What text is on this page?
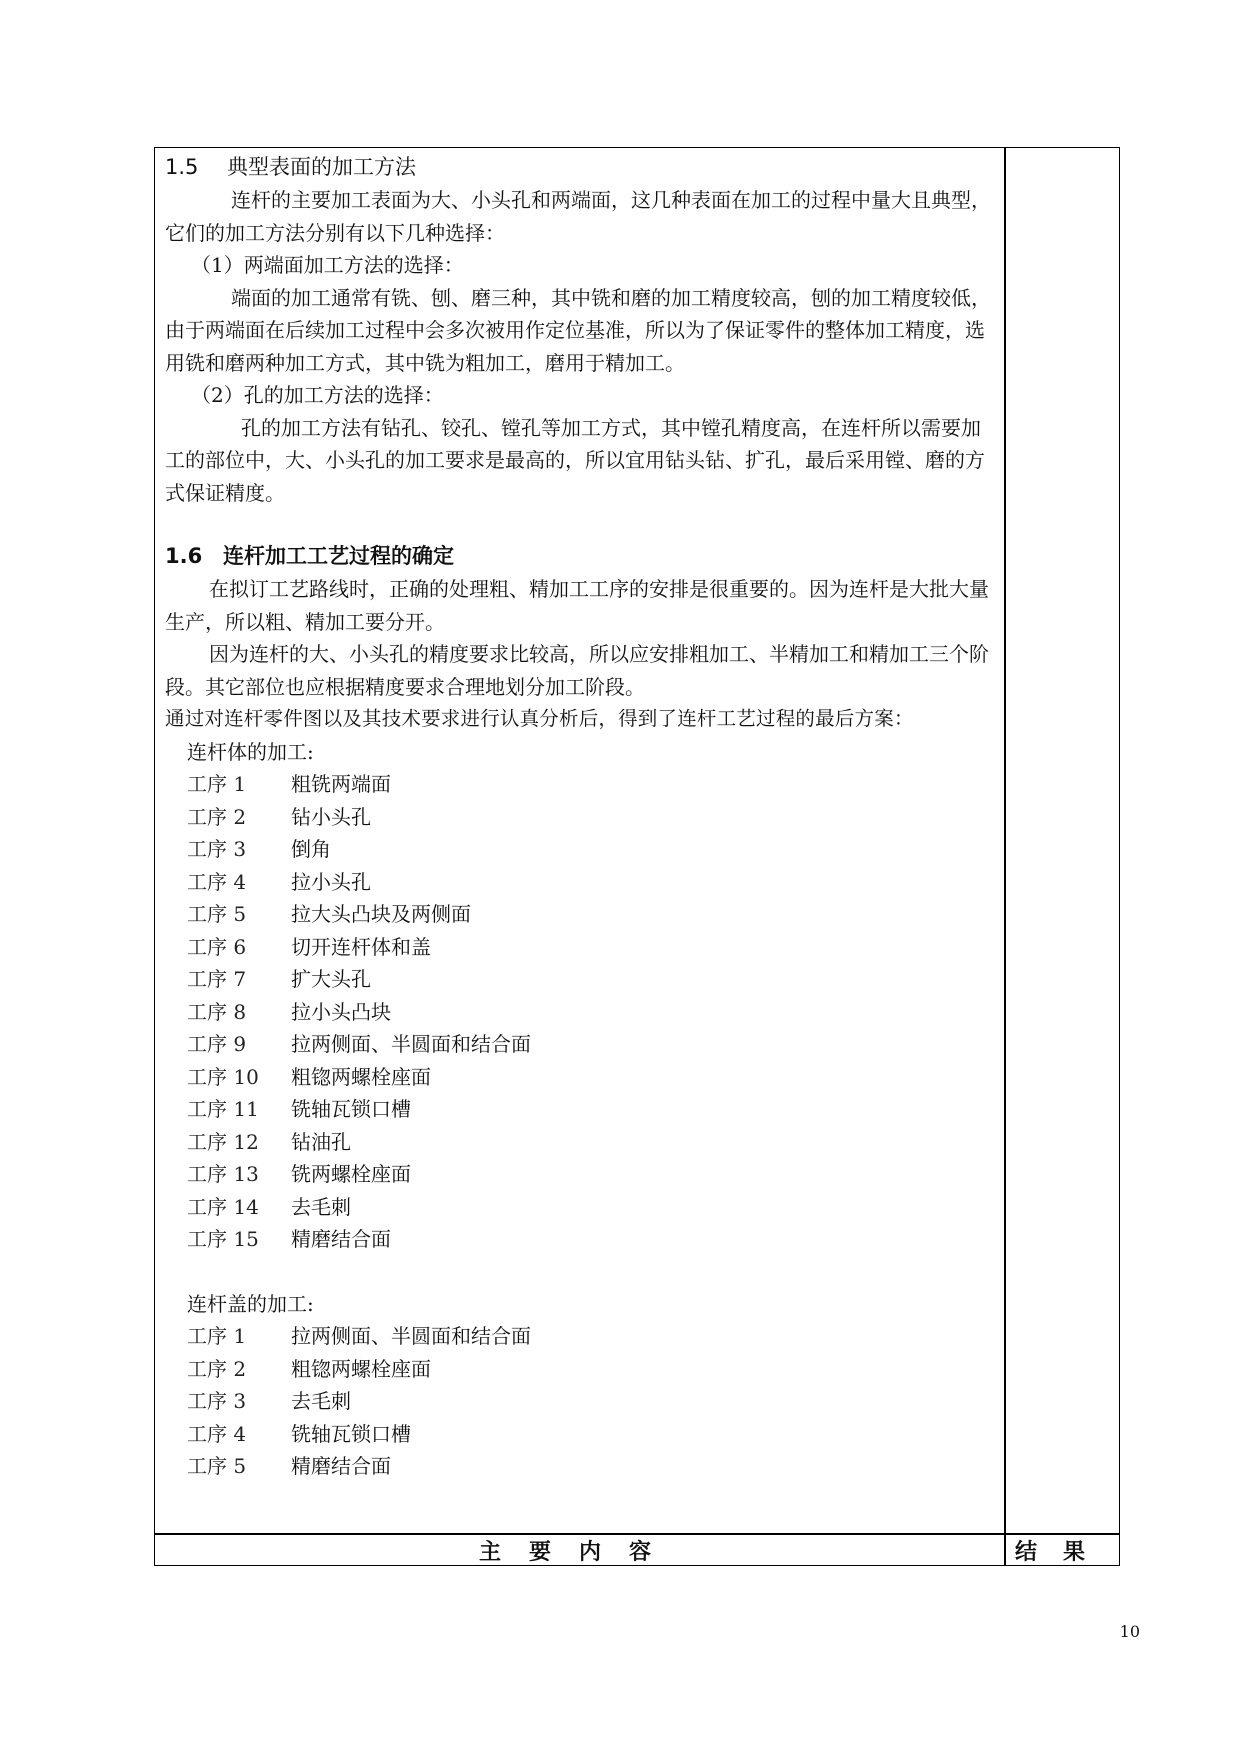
1.5 典型表面的加工方法

连杆的主要加工表面为大、小头孔和两端面，这几种表面在加工的过程中量大且典型，它们的加工方法分别有以下几种选择：

（1）两端面加工方法的选择：

端面的加工通常有铣、刨、磨三种，其中铣和磨的加工精度较高，刨的加工精度较低，由于两端面在后续加工过程中会多次被用作定位基准，所以为了保证零件的整体加工精度，选用铣和磨两种加工方式，其中铣为粗加工，磨用于精加工。

（2）孔的加工方法的选择：

孔的加工方法有钻孔、铰孔、镗孔等加工方式，其中镗孔精度高，在连杆所以需要加工的部位中，大、小头孔的加工要求是最高的，所以宜用钻头钻、扩孔，最后采用镗、磨的方式保证精度。

1.6 连杆加工工艺过程的确定

在拟订工艺路线时，正确的处理粗、精加工工序的安排是很重要的。因为连杆是大批大量生产，所以粗、精加工要分开。

因为连杆的大、小头孔的精度要求比较高，所以应安排粗加工、半精加工和精加工三个阶段。其它部位也应根据精度要求合理地划分加工阶段。

通过对连杆零件图以及其技术要求进行认真分析后，得到了连杆工艺过程的最后方案：

连杆体的加工:

工序 1	粗铣两端面
工序 2	钻小头孔
工序 3	倒角
工序 4	拉小头孔
工序 5	拉大头凸块及两侧面
工序 6	切开连杆体和盖
工序 7	扩大头孔
工序 8	拉小头凸块
工序 9	拉两侧面、半圆面和结合面
工序 10	粗锪两螺栓座面
工序 11	铣轴瓦锁口槽
工序 12	钻油孔
工序 13	铣两螺栓座面
工序 14	去毛刺
工序 15	精磨结合面

连杆盖的加工:

工序 1	拉两侧面、半圆面和结合面
工序 2	粗锪两螺栓座面
工序 3	去毛刺
工序 4	铣轴瓦锁口槽
工序 5	精磨结合面
主要内容	结果
10
